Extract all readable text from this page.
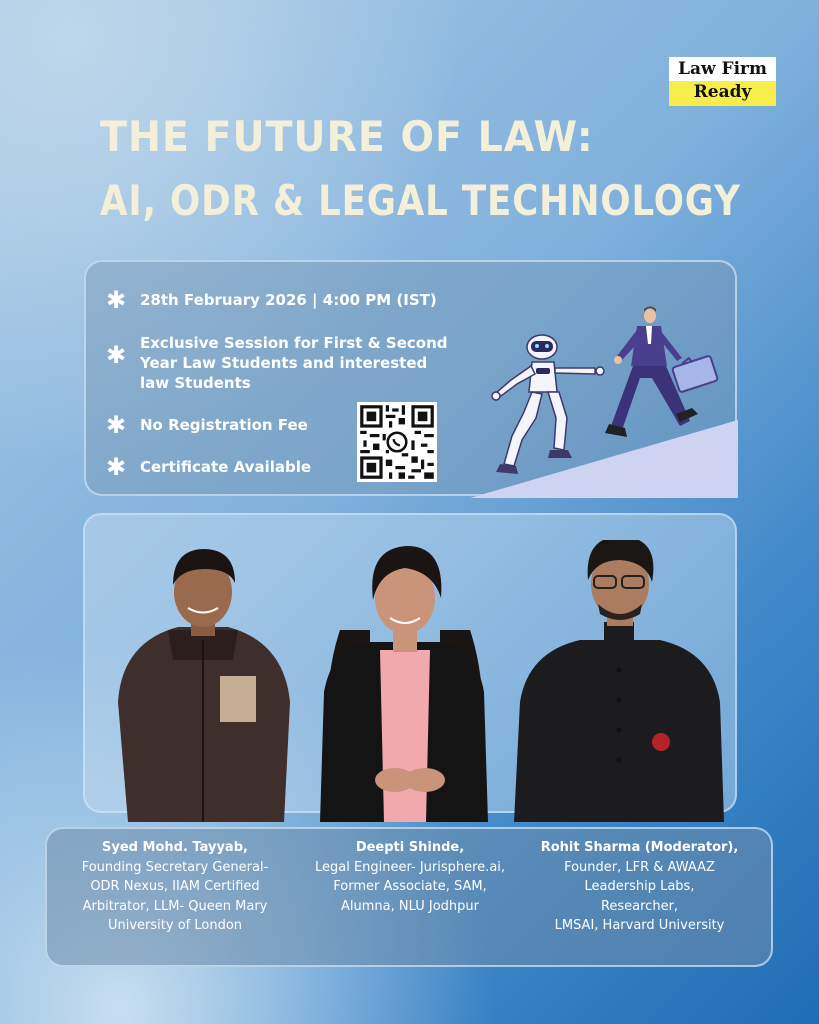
Law Firm
Ready
THE FUTURE OF LAW:
AI, ODR & LEGAL TECHNOLOGY
✱ 28th February 2026 | 4:00 PM (IST)
✱ Exclusive Session for First & Second
Year Law Students and interested
law Students
✱ No Registration Fee
✱ Certificate Available
Syed Mohd. Tayyab,
Founding Secretary General-
ODR Nexus, IIAM Certified
Arbitrator, LLM- Queen Mary
University of London
Deepti Shinde,
Legal Engineer- Jurisphere.ai,
Former Associate, SAM,
Alumna, NLU Jodhpur
Rohit Sharma (Moderator),
Founder, LFR & AWAAZ
Leadership Labs,
Researcher,
LMSAI, Harvard University
